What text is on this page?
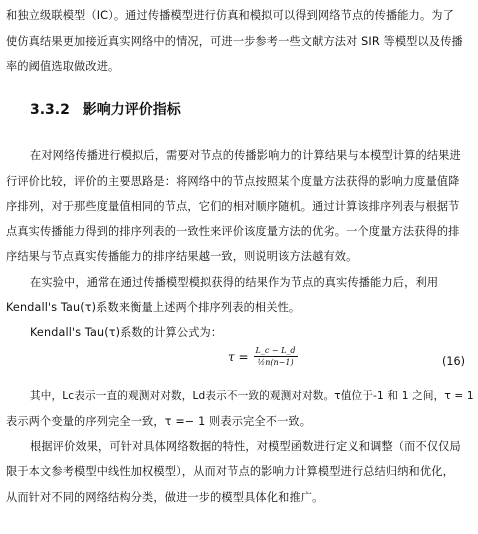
和独立级联模型（IC）。通过传播模型进行仿真和模拟可以得到网络节点的传播能力。为了
使仿真结果更加接近真实网络中的情况，可进一步参考一些文献方法对 SIR 等模型以及传播
率的阈值选取做改进。
3.3.2 影响力评价指标
在对网络传播进行模拟后，需要对节点的传播影响力的计算结果与本模型计算的结果进
行评价比较，评价的主要思路是：将网络中的节点按照某个度量方法获得的影响力度量值降
序排列，对于那些度量值相同的节点，它们的相对顺序随机。通过计算该排序列表与根据节
点真实传播能力得到的排序列表的一致性来评价该度量方法的优劣。一个度量方法获得的排
序结果与节点真实传播能力的排序结果越一致，则说明该方法越有效。
在实验中，通常在通过传播模型模拟获得的结果作为节点的真实传播能力后，利用
Kendall's Tau(τ)系数来衡量上述两个排序列表的相关性。
Kendall's Tau(τ)系数的计算公式为：
$\tau = \frac{L\_c - L\_d}{\text{½n(n−1)}}$	(16)
其中，Lc表示一直的观测对对数，Ld表示不一致的观测对对数。τ值位于-1 和 1 之间，τ = 1
表示两个变量的序列完全一致，τ =− 1 则表示完全不一致。
根据评价效果，可针对具体网络数据的特性，对模型函数进行定义和调整（而不仅仅局
限于本文参考模型中线性加权模型），从而对节点的影响力计算模型进行总结归纳和优化，
从而针对不同的网络结构分类，做进一步的模型具体化和推广。
